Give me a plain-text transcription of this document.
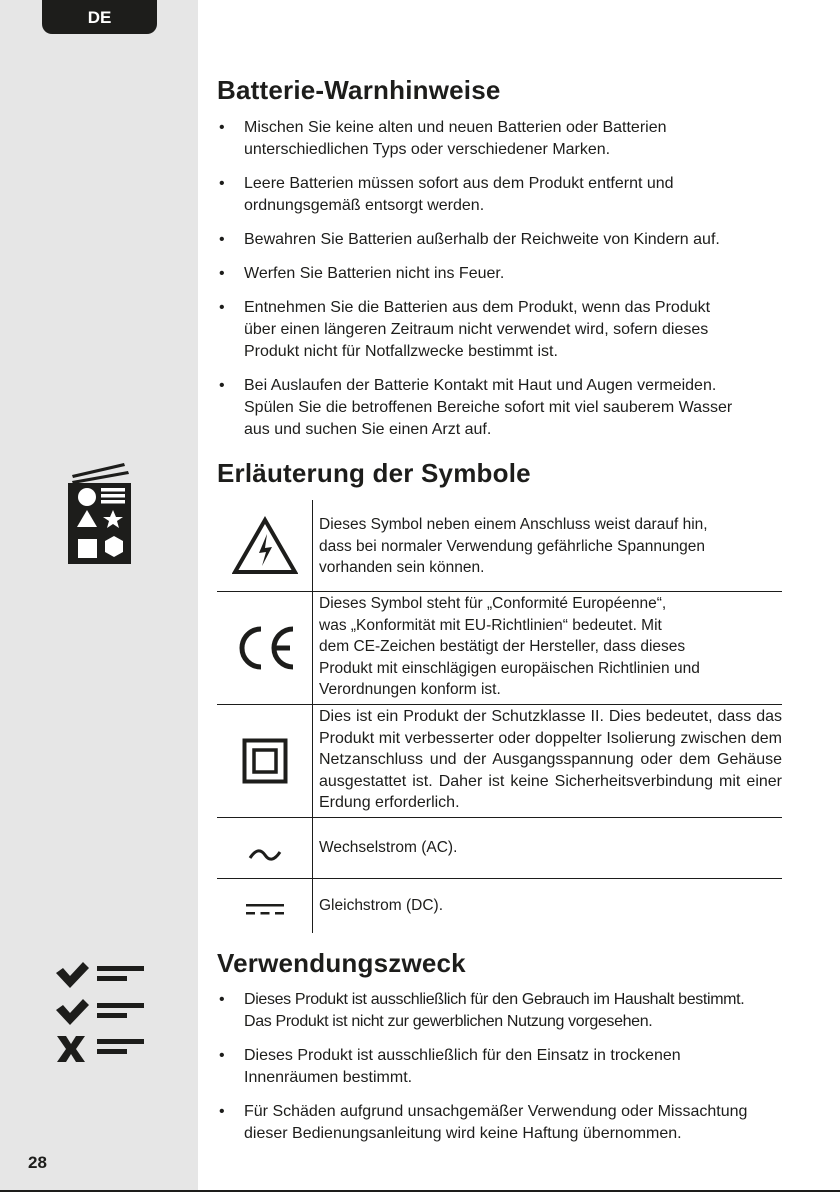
DE
28
Batterie-Warnhinweise
• Mischen Sie keine alten und neuen Batterien oder Batterien
unterschiedlichen Typs oder verschiedener Marken.
• Leere Batterien müssen sofort aus dem Produkt entfernt und
ordnungsgemäß entsorgt werden.
• Bewahren Sie Batterien außerhalb der Reichweite von Kindern auf.
• Werfen Sie Batterien nicht ins Feuer.
• Entnehmen Sie die Batterien aus dem Produkt, wenn das Produkt
über einen längeren Zeitraum nicht verwendet wird, sofern dieses
Produkt nicht für Notfallzwecke bestimmt ist.
• Bei Auslaufen der Batterie Kontakt mit Haut und Augen vermeiden.
Spülen Sie die betroffenen Bereiche sofort mit viel sauberem Wasser
aus und suchen Sie einen Arzt auf.
Erläuterung der Symbole
Dieses Symbol neben einem Anschluss weist darauf hin,
dass bei normaler Verwendung gefährliche Spannungen
vorhanden sein können.
Dieses Symbol steht für „Conformité Européenne“,
was „Konformität mit EU-Richtlinien“ bedeutet. Mit
dem CE-Zeichen bestätigt der Hersteller, dass dieses
Produkt mit einschlägigen europäischen Richtlinien und
Verordnungen konform ist.
Dies ist ein Produkt der Schutzklasse II. Dies bedeutet, dass das Produkt mit verbesserter oder doppelter Isolierung zwischen dem Netzanschluss und der Ausgangsspannung oder dem Gehäuse ausgestattet ist. Daher ist keine Sicherheitsverbindung mit einer Erdung erforderlich.
Wechselstrom (AC).
Gleichstrom (DC).
Verwendungszweck
• Dieses Produkt ist ausschließlich für den Gebrauch im Haushalt bestimmt.
Das Produkt ist nicht zur gewerblichen Nutzung vorgesehen.
• Dieses Produkt ist ausschließlich für den Einsatz in trockenen
Innenräumen bestimmt.
• Für Schäden aufgrund unsachgemäßer Verwendung oder Missachtung
dieser Bedienungsanleitung wird keine Haftung übernommen.
